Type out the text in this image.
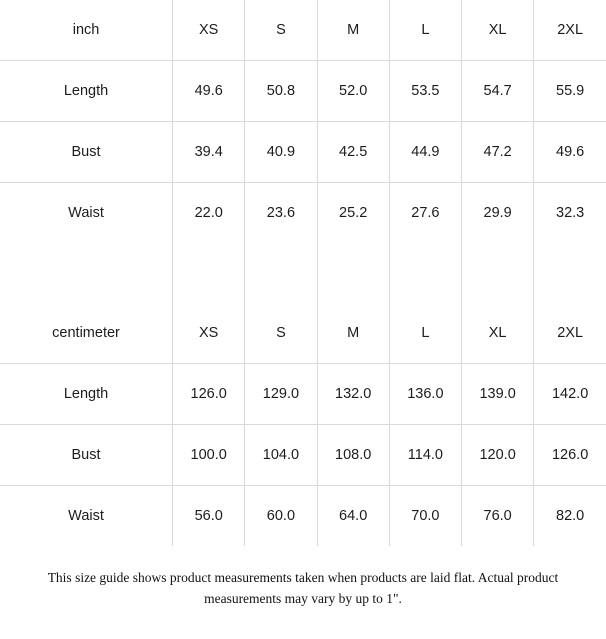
inch	XS	S	M	L	XL	2XL
Length	49.6	50.8	52.0	53.5	54.7	55.9
Bust	39.4	40.9	42.5	44.9	47.2	49.6
Waist	22.0	23.6	25.2	27.6	29.9	32.3

centimeter	XS	S	M	L	XL	2XL
Length	126.0	129.0	132.0	136.0	139.0	142.0
Bust	100.0	104.0	108.0	114.0	120.0	126.0
Waist	56.0	60.0	64.0	70.0	76.0	82.0
This size guide shows product measurements taken when products are laid flat. Actual product measurements may vary by up to 1".
